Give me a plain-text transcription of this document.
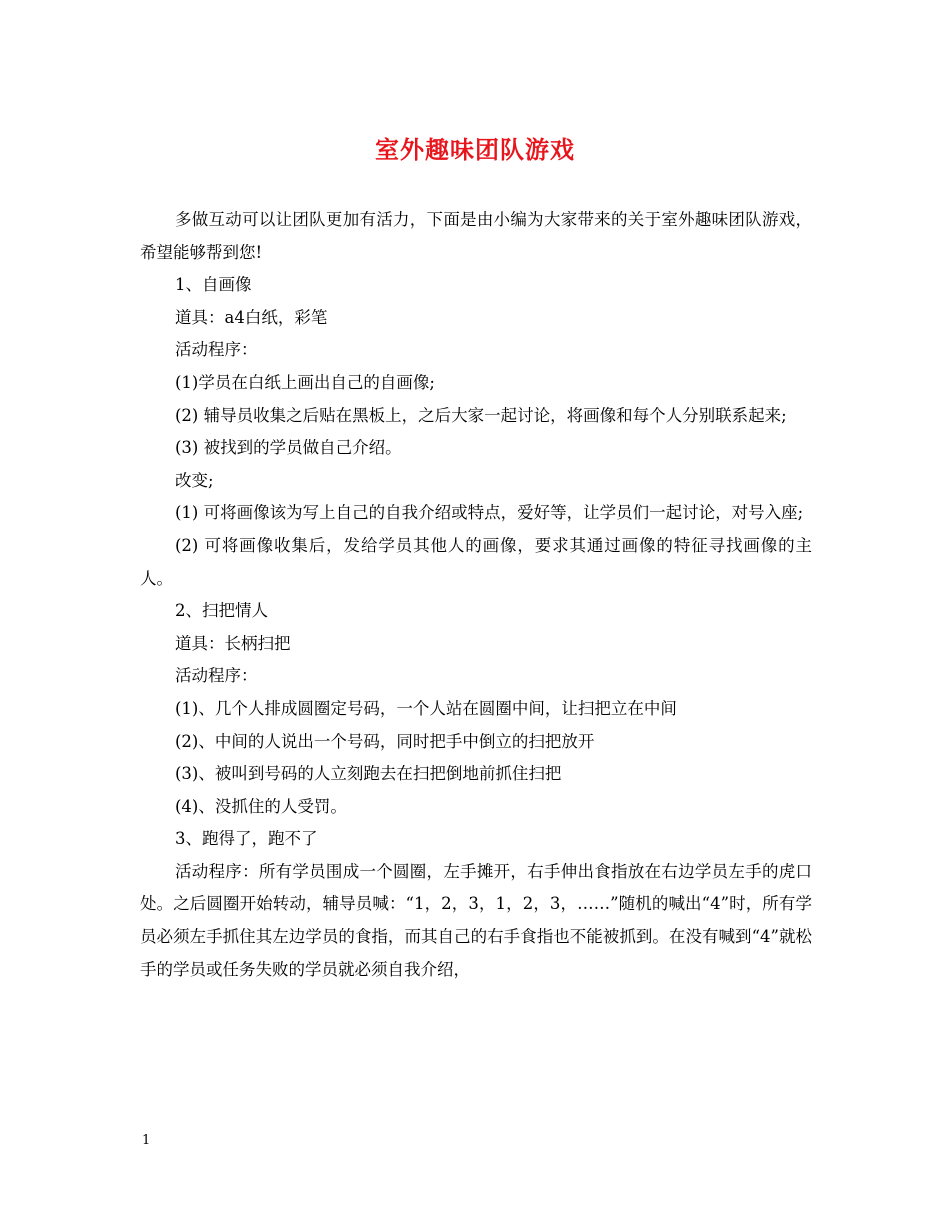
室外趣味团队游戏

多做互动可以让团队更加有活力，下面是由小编为大家带来的关于室外趣味团队游戏，希望能够帮到您!

1、自画像

道具：a4白纸，彩笔

活动程序：

(1)学员在白纸上画出自己的自画像;

(2) 辅导员收集之后贴在黑板上，之后大家一起讨论，将画像和每个人分别联系起来;

(3) 被找到的学员做自己介绍。

改变;

(1) 可将画像该为写上自己的自我介绍或特点，爱好等，让学员们一起讨论，对号入座;

(2) 可将画像收集后，发给学员其他人的画像，要求其通过画像的特征寻找画像的主人。

2、扫把情人

道具：长柄扫把

活动程序：

(1)、几个人排成圆圈定号码，一个人站在圆圈中间，让扫把立在中间

(2)、中间的人说出一个号码，同时把手中倒立的扫把放开

(3)、被叫到号码的人立刻跑去在扫把倒地前抓住扫把

(4)、没抓住的人受罚。

3、跑得了，跑不了

活动程序：所有学员围成一个圆圈，左手摊开，右手伸出食指放在右边学员左手的虎口处。之后圆圈开始转动，辅导员喊：“1，2，3，1，2，3，……”随机的喊出“4”时，所有学员必须左手抓住其左边学员的食指，而其自己的右手食指也不能被抓到。在没有喊到“4”就松手的学员或任务失败的学员就必须自我介绍，

1
